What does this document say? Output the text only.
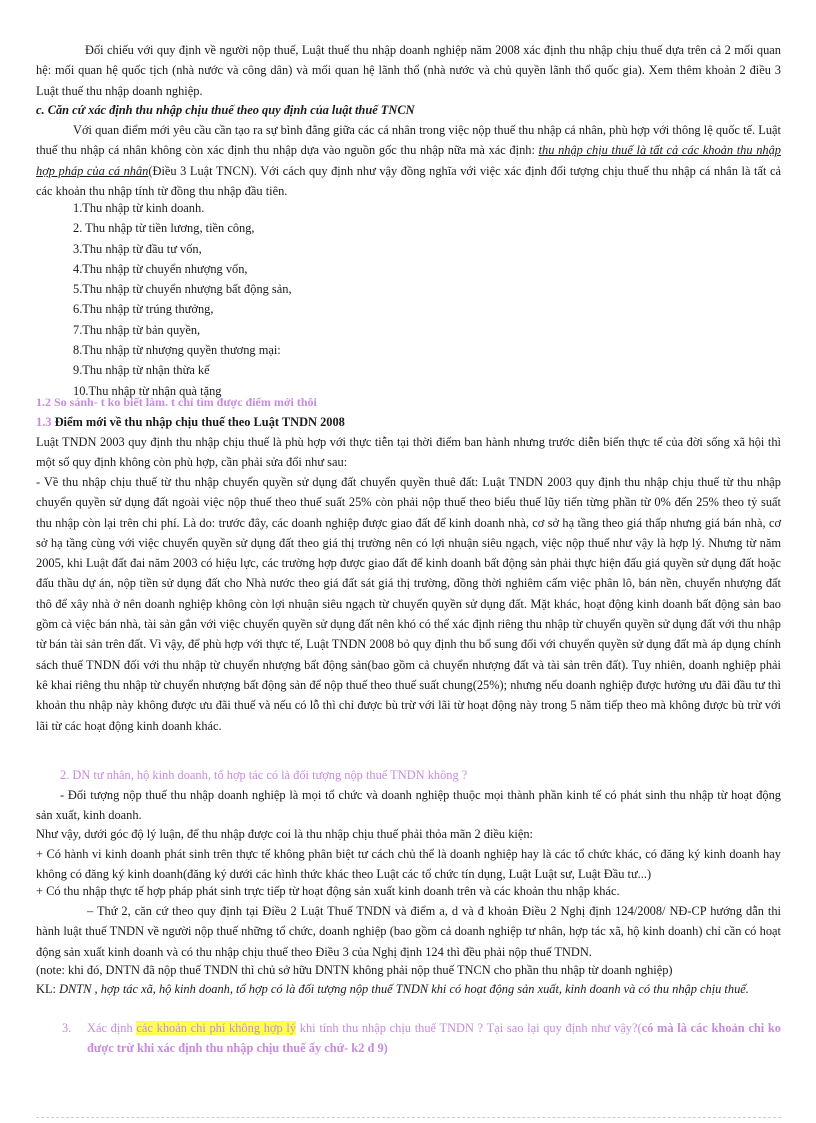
Đối chiếu với quy định về người nộp thuế, Luật thuế thu nhập doanh nghiệp năm 2008 xác định thu nhập chịu thuế dựa trên cả 2 mối quan hệ: mối quan hệ quốc tịch (nhà nước và công dân) và mối quan hệ lãnh thổ (nhà nước và chủ quyền lãnh thổ quốc gia). Xem thêm khoản 2 điều 3 Luật thuế thu nhập doanh nghiệp.

c. Căn cứ xác định thu nhập chịu thuế theo quy định của luật thuế TNCN

Với quan điểm mới yêu cầu cần tạo ra sự bình đẳng giữa các cá nhân trong việc nộp thuế thu nhập cá nhân, phù hợp với thông lệ quốc tế. Luật thuế thu nhập cá nhân không còn xác định thu nhập dựa vào nguồn gốc thu nhập nữa mà xác định: thu nhập chịu thuế là tất cả các khoản thu nhập hợp pháp của cá nhân(Điều 3 Luật TNCN). Với cách quy định như vậy đồng nghĩa với việc xác định đối tượng chịu thuế thu nhập cá nhân là tất cả các khoản thu nhập tính từ đồng thu nhập đầu tiên.

1.Thu nhập từ kinh doanh.
2. Thu nhập từ tiền lương, tiền công,
3.Thu nhập từ đầu tư vốn,
4.Thu nhập từ chuyển nhượng vốn,
5.Thu nhập từ chuyển nhượng bất động sản,
6.Thu nhập từ trúng thưởng,
7.Thu nhập từ bản quyền,
8.Thu nhập từ nhượng quyền thương mại:
9.Thu nhập từ nhận thừa kế
10.Thu nhập từ nhận quà tặng

1.2 So sánh- t ko biết làm. t chỉ tìm được điểm mới thôi

1.3 Điểm mới về thu nhập chịu thuế theo Luật TNDN 2008

Luật TNDN 2003 quy định thu nhập chịu thuế là phù hợp với thực tiễn tại thời điểm ban hành nhưng trước diễn biến thực tế của đời sống xã hội thì một số quy định không còn phù hợp, cần phải sửa đổi như sau:

- Về thu nhập chịu thuế từ thu nhập chuyển quyền sử dụng đất chuyển quyền thuê đất: Luật TNDN 2003 quy định thu nhập chịu thuế từ thu nhập chuyển quyền sử dụng đất ngoài việc nộp thuế theo thuế suất 25% còn phải nộp thuế theo biểu thuế lũy tiến từng phần từ 0% đến 25% theo tỷ suất thu nhập còn lại trên chi phí. Là do: trước đây, các doanh nghiệp được giao đất để kinh doanh nhà, cơ sở hạ tầng theo giá thấp nhưng giá bán nhà, cơ sở hạ tầng cùng với việc chuyển quyền sử dụng đất theo giá thị trường nên có lợi nhuận siêu ngạch, việc nộp thuế như vậy là hợp lý. Nhưng từ năm 2005, khi Luật đất đai năm 2003 có hiệu lực, các trường hợp được giao đất để kinh doanh bất động sản phải thực hiện đấu giá quyền sử dụng đất hoặc đấu thầu dự án, nộp tiền sử dụng đất cho Nhà nước theo giá đất sát giá thị trường, đồng thời nghiêm cấm việc phân lô, bán nền, chuyển nhượng đất thô để xây nhà ở nên doanh nghiệp không còn lợi nhuận siêu ngạch từ chuyển quyền sử dụng đất. Mặt khác, hoạt động kinh doanh bất động sản bao gồm cả việc bán nhà, tài sản gắn với việc chuyển quyền sử dụng đất nên khó có thể xác định riêng thu nhập từ chuyển quyền sử dụng đất với thu nhập từ bán tài sản trên đất. Vì vậy, để phù hợp với thực tế, Luật TNDN 2008 bỏ quy định thu bổ sung đối với chuyển quyền sử dụng đất mà áp dụng chính sách thuế TNDN đối với thu nhập từ chuyển nhượng bất động sản(bao gồm cả chuyển nhượng đất và tài sản trên đất). Tuy nhiên, doanh nghiệp phải kê khai riêng thu nhập từ chuyển nhượng bất động sản để nộp thuế theo thuế suất chung(25%); nhưng nếu doanh nghiệp được hưởng ưu đãi đầu tư thì khoản thu nhập này không được ưu đãi thuế và nếu có lỗ thì chỉ được bù trừ với lãi từ hoạt động này trong 5 năm tiếp theo mà không được bù trừ với lãi từ các hoạt động kinh doanh khác.

2. DN tư nhân, hộ kinh doanh, tổ hợp tác có là đối tượng nộp thuế TNDN không ?

- Đối tượng nộp thuế thu nhập doanh nghiệp là mọi tổ chức và doanh nghiệp thuộc mọi thành phần kinh tế có phát sinh thu nhập từ hoạt động sản xuất, kinh doanh.

Như vậy, dưới góc độ lý luận, để thu nhập được coi là thu nhập chịu thuế phải thỏa mãn 2 điều kiện:

+ Có hành vi kinh doanh phát sinh trên thực tế không phân biệt tư cách chủ thể là doanh nghiệp hay là các tổ chức khác, có đăng ký kinh doanh hay không có đăng ký kinh doanh(đăng ký dưới các hình thức khác theo Luật các tổ chức tín dụng, Luật Luật sư, Luật Đầu tư...)

+ Có thu nhập thực tế hợp pháp phát sinh trực tiếp từ hoạt động sản xuất kinh doanh trên và các khoản thu nhập khác.

– Thứ 2, căn cứ theo quy định tại Điều 2 Luật Thuế TNDN và điểm a, d và đ khoản Điều 2 Nghị định 124/2008/ NĐ-CP hướng dẫn thi hành luật thuế TNDN về người nộp thuế những tổ chức, doanh nghiệp (bao gồm cả doanh nghiệp tư nhân, hợp tác xã, hộ kinh doanh) chỉ cần có hoạt động sản xuất kinh doanh và có thu nhập chịu thuế theo Điều 3 của Nghị định 124 thì đều phải nộp thuế TNDN.

(note: khi đó, DNTN đã nộp thuế TNDN thì chủ sở hữu DNTN không phải nộp thuế TNCN cho phần thu nhập từ doanh nghiệp)

KL: DNTN , hợp tác xã, hộ kinh doanh, tổ hợp có là đối tượng nộp thuế TNDN khi có hoạt động sản xuất, kinh doanh và có thu nhập chịu thuế.

3. Xác định các khoản chi phí không hợp lý khi tính thu nhập chịu thuế TNDN ? Tại sao lại quy định như vậy?(có mà là các khoản chi ko được trừ khi xác định thu nhập chịu thuế ấy chứ- k2 đ 9)
